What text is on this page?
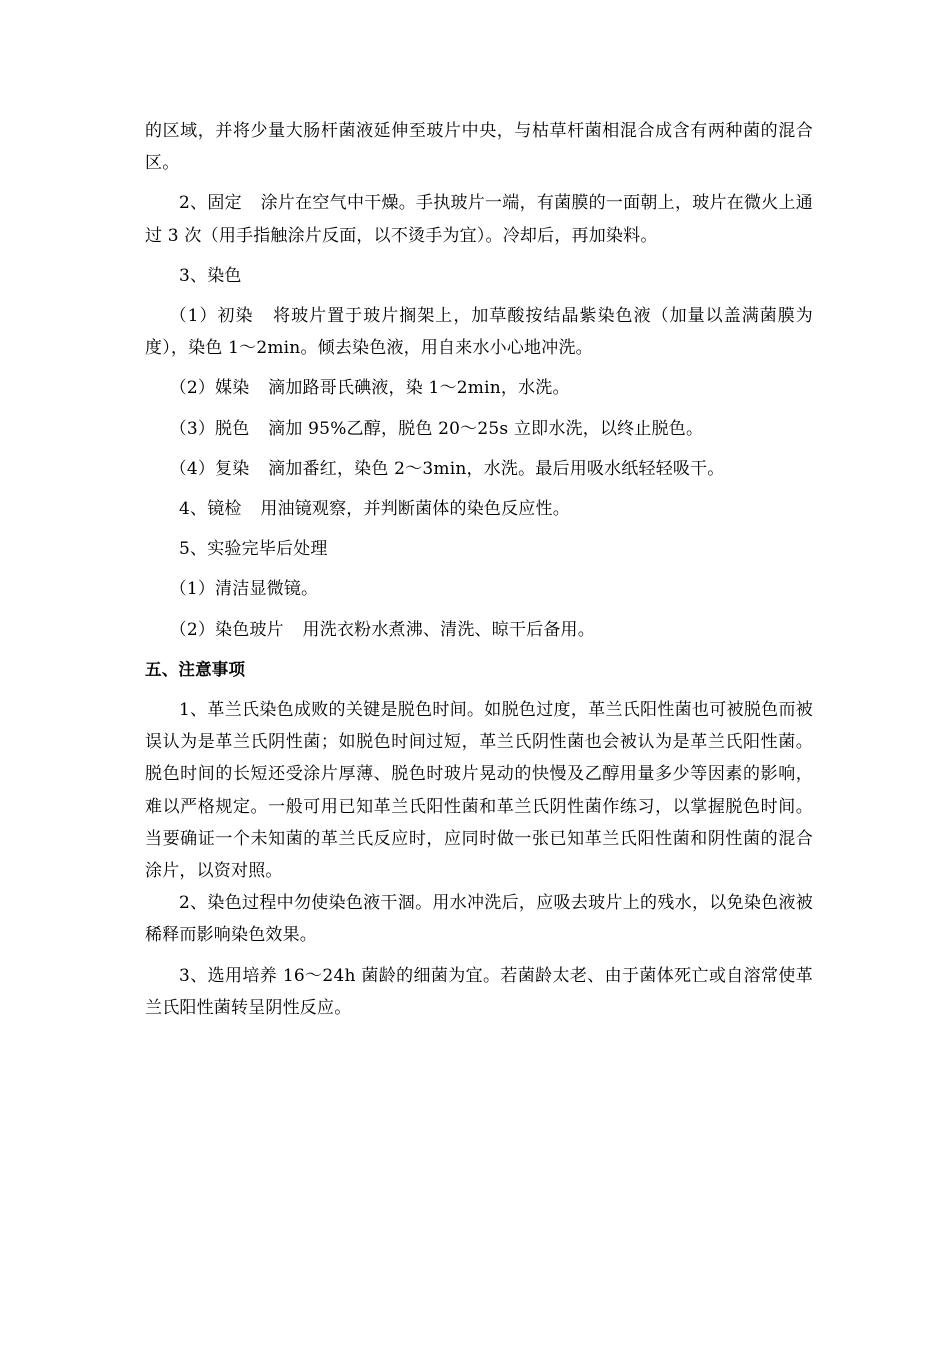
的区域，并将少量大肠杆菌液延伸至玻片中央，与枯草杆菌相混合成含有两种菌的混合区。

2、固定 涂片在空气中干燥。手执玻片一端，有菌膜的一面朝上，玻片在微火上通过 3 次（用手指触涂片反面，以不烫手为宜）。冷却后，再加染料。

3、染色

（1）初染 将玻片置于玻片搁架上，加草酸按结晶紫染色液（加量以盖满菌膜为度），染色 1～2min。倾去染色液，用自来水小心地冲洗。

（2）媒染 滴加路哥氏碘液，染 1～2min，水洗。

（3）脱色 滴加 95%乙醇，脱色 20～25s 立即水洗，以终止脱色。

（4）复染 滴加番红，染色 2～3min，水洗。最后用吸水纸轻轻吸干。

4、镜检 用油镜观察，并判断菌体的染色反应性。

5、实验完毕后处理

（1）清洁显微镜。

（2）染色玻片 用洗衣粉水煮沸、清洗、晾干后备用。

五、注意事项

1、革兰氏染色成败的关键是脱色时间。如脱色过度，革兰氏阳性菌也可被脱色而被误认为是革兰氏阴性菌；如脱色时间过短，革兰氏阴性菌也会被认为是革兰氏阳性菌。脱色时间的长短还受涂片厚薄、脱色时玻片晃动的快慢及乙醇用量多少等因素的影响，难以严格规定。一般可用已知革兰氏阳性菌和革兰氏阴性菌作练习，以掌握脱色时间。当要确证一个未知菌的革兰氏反应时，应同时做一张已知革兰氏阳性菌和阴性菌的混合涂片，以资对照。

2、染色过程中勿使染色液干涸。用水冲洗后，应吸去玻片上的残水，以免染色液被稀释而影响染色效果。

3、选用培养 16～24h 菌龄的细菌为宜。若菌龄太老、由于菌体死亡或自溶常使革兰氏阳性菌转呈阴性反应。
